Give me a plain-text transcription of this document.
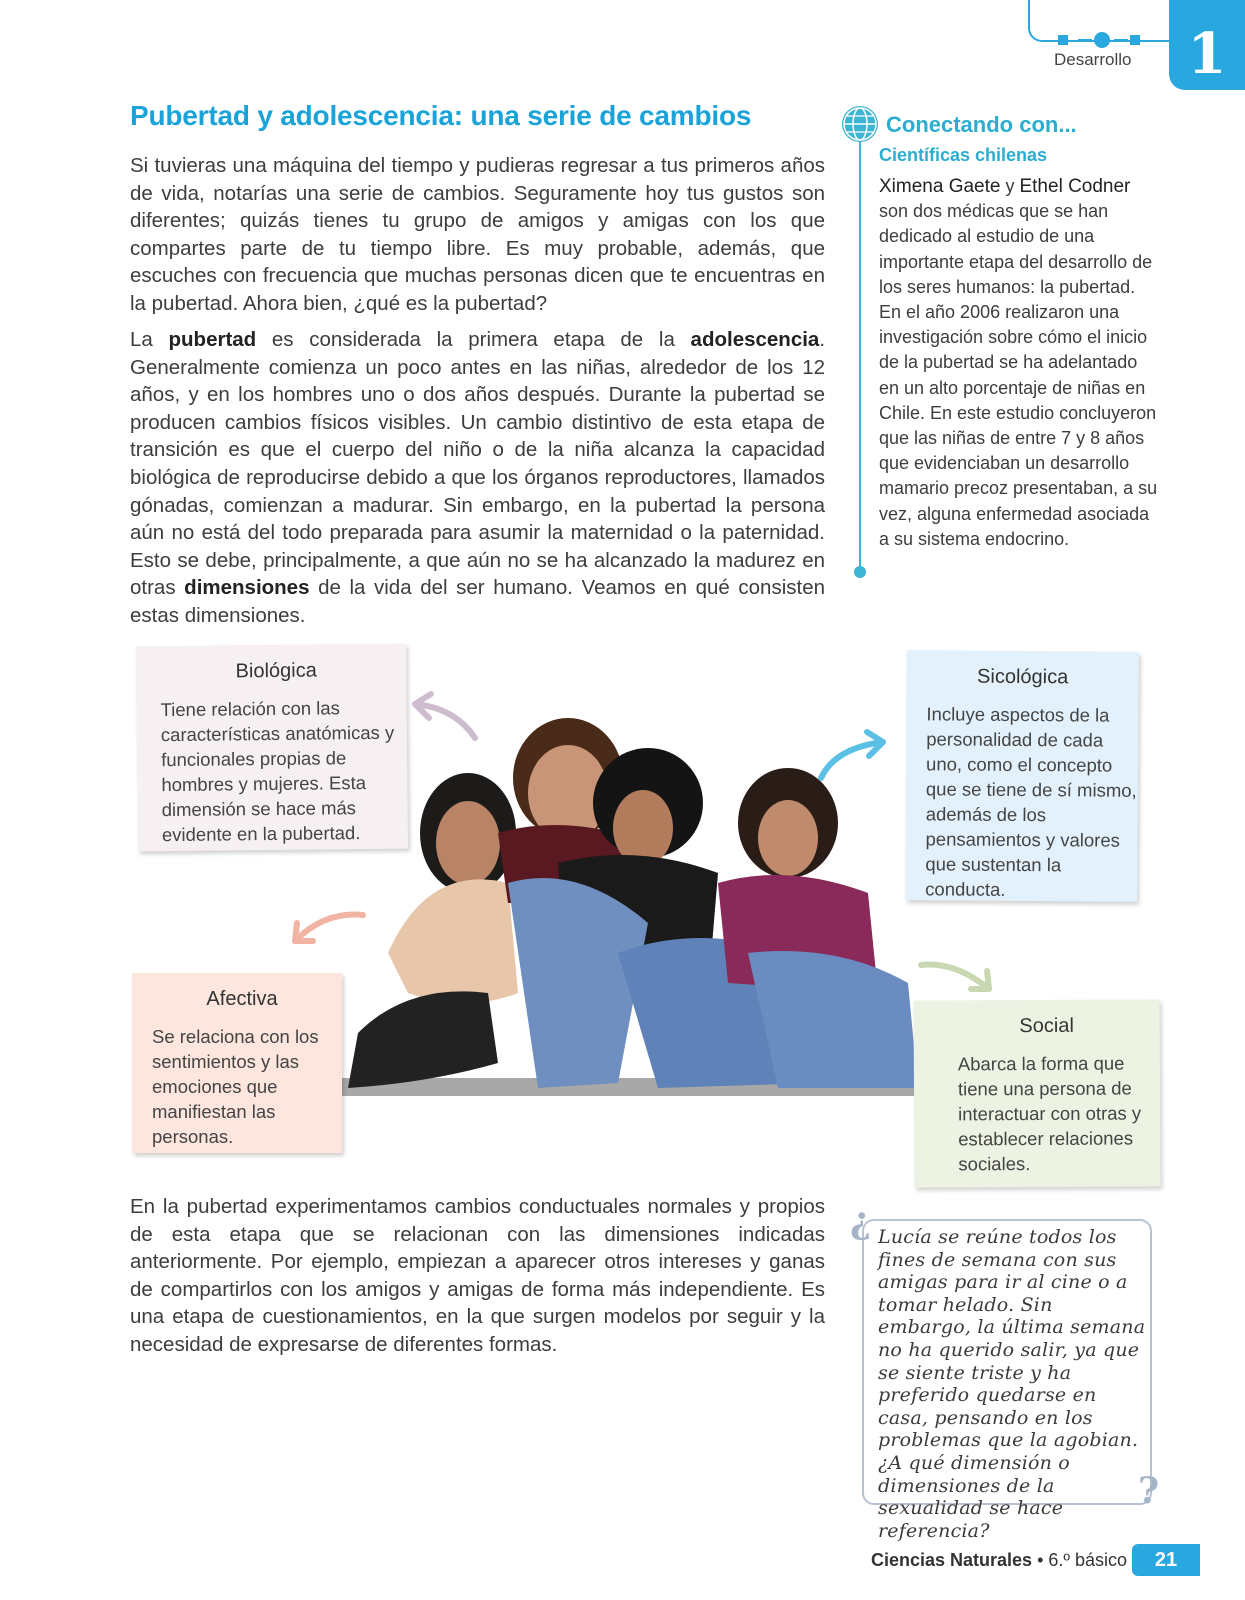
Desarrollo	1
Pubertad y adolescencia: una serie de cambios

Si tuvieras una máquina del tiempo y pudieras regresar a tus primeros años de vida, notarías una serie de cambios. Seguramente hoy tus gustos son diferentes; quizás tienes tu grupo de amigos y amigas con los que compartes parte de tu tiempo libre. Es muy probable, además, que escuches con frecuencia que muchas personas dicen que te encuentras en la pubertad. Ahora bien, ¿qué es la pubertad?

La pubertad es considerada la primera etapa de la adolescencia. Generalmente comienza un poco antes en las niñas, alrededor de los 12 años, y en los hombres uno o dos años después. Durante la pubertad se producen cambios físicos visibles. Un cambio distintivo de esta etapa de transición es que el cuerpo del niño o de la niña alcanza la capacidad biológica de reproducirse debido a que los órganos reproductores, llamados gónadas, comienzan a madurar. Sin embargo, en la pubertad la persona aún no está del todo preparada para asumir la maternidad o la paternidad. Esto se debe, principalmente, a que aún no se ha alcanzado la madurez en otras dimensiones de la vida del ser humano. Veamos en qué consisten estas dimensiones.

En la pubertad experimentamos cambios conductuales normales y propios de esta etapa que se relacionan con las dimensiones indicadas anteriormente. Por ejemplo, empiezan a aparecer otros intereses y ganas de compartirlos con los amigos y amigas de forma más independiente. Es una etapa de cuestionamientos, en la que surgen modelos por seguir y la necesidad de expresarse de diferentes formas.

Conectando con...
Científicas chilenas

Ximena Gaete y Ethel Codner son dos médicas que se han dedicado al estudio de una importante etapa del desarrollo de los seres humanos: la pubertad. En el año 2006 realizaron una investigación sobre cómo el inicio de la pubertad se ha adelantado en un alto porcentaje de niñas en Chile. En este estudio concluyeron que las niñas de entre 7 y 8 años que evidenciaban un desarrollo mamario precoz presentaban, a su vez, alguna enfermedad asociada a su sistema endocrino.

Biológica

Tiene relación con las características anatómicas y funcionales propias de hombres y mujeres. Esta dimensión se hace más evidente en la pubertad.

Sicológica

Incluye aspectos de la personalidad de cada uno, como el concepto que se tiene de sí mismo, además de los pensamientos y valores que sustentan la conducta.

Afectiva

Se relaciona con los sentimientos y las emociones que manifiestan las personas.

Social

Abarca la forma que tiene una persona de interactuar con otras y establecer relaciones sociales.

¿ Lucía se reúne todos los fines de semana con sus amigas para ir al cine o a tomar helado. Sin embargo, la última semana no ha querido salir, ya que se siente triste y ha preferido quedarse en casa, pensando en los problemas que la agobian. ¿A qué dimensión o dimensiones de la sexualidad se hace referencia?

?
Ciencias Naturales • 6.º básico	21
